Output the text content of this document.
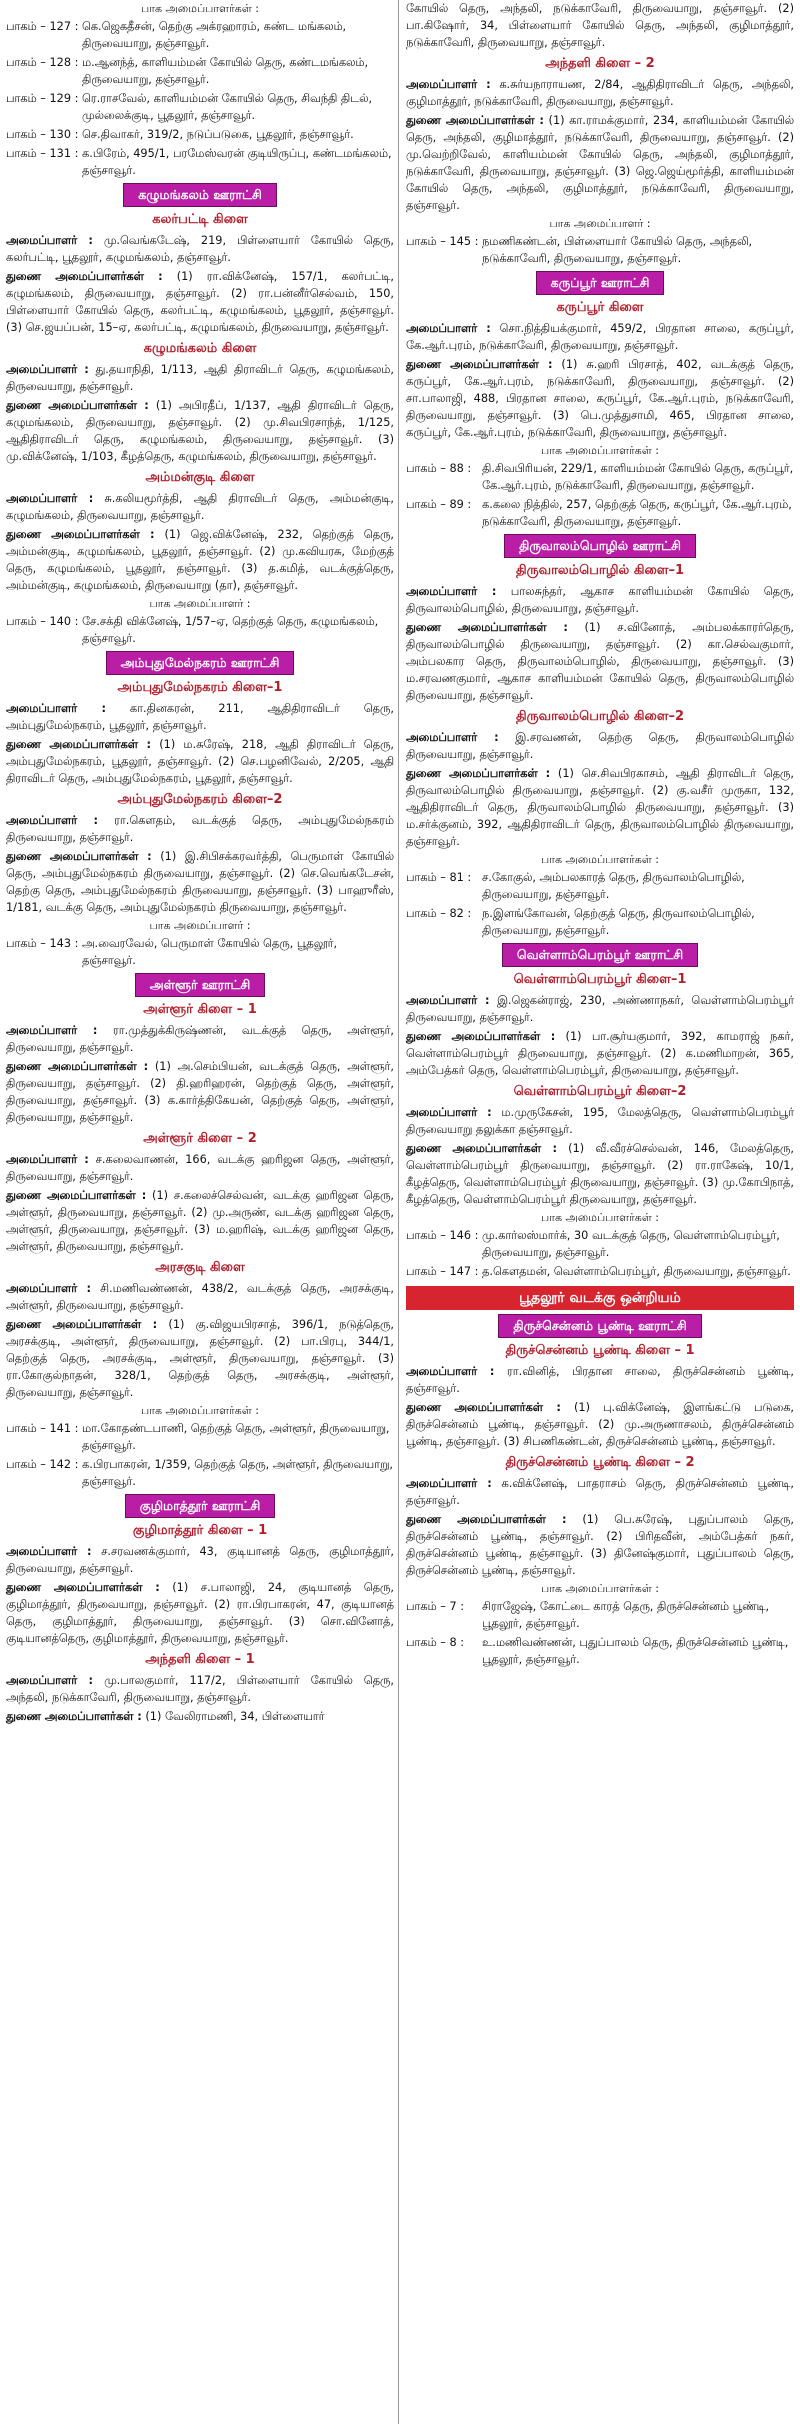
பாக அமைப்பாளர்கள் :
பாகம் – 127 : கெ.ஜெகதீசன், தெற்கு அக்ரஹாரம், கண்ட மங்கலம், திருவையாறு, தஞ்சாவூர்.
பாகம் – 128 : ம.ஆனந்த், காளியம்மன் கோயில் தெரு, கண்டமங்கலம், திருவையாறு, தஞ்சாவூர்.
பாகம் – 129 : ரெ.ராசவேல், காளியம்மன் கோயில் தெரு, சிவந்தி திடல், முல்லைக்குடி, பூதலூர், தஞ்சாவூர்.
பாகம் – 130 : செ.திவாகர், 319/2, நடுப்படுகை, பூதலூர், தஞ்சாவூர்.
பாகம் – 131 : க.பிரேம், 495/1, பரமேஸ்வரன் குடியிருப்பு, கண்டமங்கலம், தஞ்சாவூர்.
கழுமங்கலம் ஊராட்சி
கலர்பட்டி கிளை

அமைப்பாளர் : மு.வெங்கடேஷ், 219, பிள்ளையார் கோயில் தெரு, கலர்பட்டி, பூதலூர், கழுமங்கலம், தஞ்சாவூர்.

துணை அமைப்பாளர்கள் : (1) ரா.விக்னேஷ், 157/1, கலர்பட்டி, கழுமங்கலம், திருவையாறு, தஞ்சாவூர். (2) ரா.பன்னீர்செல்வம், 150, பிள்ளையார் கோயில் தெரு, கலர்பட்டி, கழுமங்கலம், பூதலூர், தஞ்சாவூர். (3) செ.ஜயப்பன், 15–ஏ, கலர்பட்டி, கழுமங்கலம், திருவையாறு, தஞ்சாவூர்.

கழுமங்கலம் கிளை

அமைப்பாளர் : து.தயாநிதி, 1/113, ஆதி திராவிடர் தெரு, கழுமங்கலம், திருவையாறு, தஞ்சாவூர்.

துணை அமைப்பாளர்கள் : (1) அபிரதீப், 1/137, ஆதி திராவிடர் தெரு, கழுமங்கலம், திருவையாறு, தஞ்சாவூர். (2) மு.சிவபிரசாந்த், 1/125, ஆதிதிராவிடர் தெரு, கழுமங்கலம், திருவையாறு, தஞ்சாவூர். (3) மு.விக்னேஷ், 1/103, கீழத்தெரு, கழுமங்கலம், திருவையாறு, தஞ்சாவூர்.

அம்மன்குடி கிளை

அமைப்பாளர் : சு.கலியமூர்த்தி, ஆதி திராவிடர் தெரு, அம்மன்குடி, கழுமங்கலம், திருவையாறு, தஞ்சாவூர்.

துணை அமைப்பாளர்கள் : (1) ஜெ.விக்னேஷ், 232, தெற்குத் தெரு, அம்மன்குடி, கழுமங்கலம், பூதலூர், தஞ்சாவூர். (2) மு.கவியரசு, மேற்குத் தெரு, கழுமங்கலம், பூதலூர், தஞ்சாவூர். (3) த.கமித், வடக்குத்தெரு, அம்மன்குடி, கழுமங்கலம், திருவையாறு (தா), தஞ்சாவூர்.

பாக அமைப்பாளர் :
பாகம் – 140 : சே.சக்தி விக்னேஷ், 1/57–ஏ, தெற்குத் தெரு, கழுமங்கலம், தஞ்சாவூர்.
அம்புதுமேல்நகரம் ஊராட்சி
அம்புதுமேல்நகரம் கிளை–1

அமைப்பாளர் : கா.தினகரன், 211, ஆதிதிராவிடர் தெரு, அம்புதுமேல்நகரம், பூதலூர், தஞ்சாவூர்.

துணை அமைப்பாளர்கள் : (1) ம.சுரேஷ், 218, ஆதி திராவிடர் தெரு, அம்புதுமேல்நகரம், பூதலூர், தஞ்சாவூர். (2) செ.பழனிவேல், 2/205, ஆதி திராவிடர் தெரு, அம்புதுமேல்நகரம், பூதலூர், தஞ்சாவூர்.

அம்புதுமேல்நகரம் கிளை–2

அமைப்பாளர் : ரா.கௌதம், வடக்குத் தெரு, அம்புதுமேல்நகரம் திருவையாறு, தஞ்சாவூர்.

துணை அமைப்பாளர்கள் : (1) இ.சிபிசக்கரவர்த்தி, பெருமாள் கோயில் தெரு, அம்புதுமேல்நகரம் திருவையாறு, தஞ்சாவூர். (2) செ.வெங்கடேசன், தெற்கு தெரு, அம்புதுமேல்நகரம் திருவையாறு, தஞ்சாவூர். (3) பாஹுரீஸ், 1/181, வடக்கு தெரு, அம்புதுமேல்நகரம் திருவையாறு, தஞ்சாவூர்.

பாக அமைப்பாளர் :
பாகம் – 143 : அ.வைரவேல், பெருமாள் கோயில் தெரு, பூதலூர், தஞ்சாவூர்.
அள்ளூர் ஊராட்சி
அள்ளூர் கிளை – 1

அமைப்பாளர் : ரா.முத்துக்கிருஷ்ணன், வடக்குத் தெரு, அள்ளூர், திருவையாறு, தஞ்சாவூர்.

துணை அமைப்பாளர்கள் : (1) அ.செம்பியன், வடக்குத் தெரு, அள்ளூர், திருவையாறு, தஞ்சாவூர். (2) தி.ஹரிஹரன், தெற்குத் தெரு, அள்ளூர், திருவையாறு, தஞ்சாவூர். (3) க.கார்த்திகேயன், தெற்குத் தெரு, அள்ளூர், திருவையாறு, தஞ்சாவூர்.

அள்ளூர் கிளை – 2

அமைப்பாளர் : ச.கலைவாணன், 166, வடக்கு ஹரிஜன தெரு, அள்ளூர், திருவையாறு, தஞ்சாவூர்.

துணை அமைப்பாளர்கள் : (1) ச.கலைச்செல்வன், வடக்கு ஹரிஜன தெரு, அள்ளூர், திருவையாறு, தஞ்சாவூர். (2) மு.அருண், வடக்கு ஹரிஜன தெரு, அள்ளூர், திருவையாறு, தஞ்சாவூர். (3) ம.ஹரிஷ், வடக்கு ஹரிஜன தெரு, அள்ளூர், திருவையாறு, தஞ்சாவூர்.

அரசகுடி கிளை

அமைப்பாளர் : சி.மணிவண்ணன், 438/2, வடக்குத் தெரு, அரசக்குடி, அள்ளூர், திருவையாறு, தஞ்சாவூர்.

துணை அமைப்பாளர்கள் : (1) கு.விஜயபிரசாத், 396/1, நடுத்தெரு, அரசக்குடி, அள்ளூர், திருவையாறு, தஞ்சாவூர். (2) பா.பிரபு, 344/1, தெற்குத் தெரு, அரசக்குடி, அள்ளூர், திருவையாறு, தஞ்சாவூர். (3) ரா.கோகுல்நாதன், 328/1, தெற்குத் தெரு, அரசக்குடி, அள்ளூர், திருவையாறு, தஞ்சாவூர்.

பாக அமைப்பாளர்கள் :
பாகம் – 141 : மா.கோதண்டபாணி, தெற்குத் தெரு, அள்ளூர், திருவையாறு, தஞ்சாவூர்.
பாகம் – 142 : க.பிரபாகரன், 1/359, தெற்குத் தெரு, அள்ளூர், திருவையாறு, தஞ்சாவூர்.
குழிமாத்தூர் ஊராட்சி
குழிமாத்தூர் கிளை – 1

அமைப்பாளர் : ச.சரவணக்குமார், 43, குடியானத் தெரு, குழிமாத்தூர், திருவையாறு, தஞ்சாவூர்.

துணை அமைப்பாளர்கள் : (1) ச.பாலாஜி, 24, குடியானத் தெரு, குழிமாத்தூர், திருவையாறு, தஞ்சாவூர். (2) ரா.பிரபாகரன், 47, குடியானத் தெரு, குழிமாத்தூர், திருவையாறு, தஞ்சாவூர். (3) சொ.வினோத், குடியானத்தெரு, குழிமாத்தூர், திருவையாறு, தஞ்சாவூர்.

அந்தளி கிளை – 1

அமைப்பாளர் : மு.பாலகுமார், 117/2, பிள்ளையார் கோயில் தெரு, அந்தலி, நடுக்காவேரி, திருவையாறு, தஞ்சாவூர்.

துணை அமைப்பாளர்கள் : (1) வேலிராமணி, 34, பிள்ளையார்

கோயில் தெரு, அந்தலி, நடுக்காவேரி, திருவையாறு, தஞ்சாவூர். (2) பா.கிஷோர், 34, பிள்ளையார் கோயில் தெரு, அந்தலி, குழிமாத்தூர், நடுக்காவேரி, திருவையாறு, தஞ்சாவூர்.

அந்தளி கிளை – 2

அமைப்பாளர் : க.சுர்யநாராயண, 2/84, ஆதிதிராவிடர் தெரு, அந்தலி, குழிமாத்தூர், நடுக்காவேரி, திருவையாறு, தஞ்சாவூர்.

துணை அமைப்பாளர்கள் : (1) கா.ராமக்குமார், 234, காளியம்மன் கோயில் தெரு, அந்தலி, குழிமாத்தூர், நடுக்காவேரி, திருவையாறு, தஞ்சாவூர். (2) மு.வெற்றிவேல், காளியம்மன் கோயில் தெரு, அந்தலி, குழிமாத்தூர், நடுக்காவேரி, திருவையாறு, தஞ்சாவூர். (3) ஜெ.ஜெய்மூர்த்தி, காளியம்மன் கோயில் தெரு, அந்தலி, குழிமாத்தூர், நடுக்காவேரி, திருவையாறு, தஞ்சாவூர்.

பாக அமைப்பாளர் :
பாகம் – 145 : நமணிகண்டன், பிள்ளையார் கோயில் தெரு, அந்தலி, நடுக்காவேரி, திருவையாறு, தஞ்சாவூர்.
கருப்பூர் ஊராட்சி
கருப்பூர் கிளை

அமைப்பாளர் : சொ.நித்தியக்குமார், 459/2, பிரதான சாலை, கருப்பூர், கே.ஆர்.புரம், நடுக்காவேரி, திருவையாறு, தஞ்சாவூர்.

துணை அமைப்பாளர்கள் : (1) சு.ஹரி பிரசாத், 402, வடக்குத் தெரு, கருப்பூர், கே.ஆர்.புரம், நடுக்காவேரி, திருவையாறு, தஞ்சாவூர். (2) சா.பாலாஜி, 488, பிரதான சாலை, கருப்பூர், கே.ஆர்.புரம், நடுக்காவேரி, திருவையாறு, தஞ்சாவூர். (3) பெ.முத்துசாமி, 465, பிரதான சாலை, கருப்பூர், கே.ஆர்.புரம், நடுக்காவேரி, திருவையாறு, தஞ்சாவூர்.

பாக அமைப்பாளர்கள் :
பாகம் – 88 : தி.சிவபிரியன், 229/1, காளியம்மன் கோயில் தெரு, கருப்பூர், கே.ஆர்.புரம், நடுக்காவேரி, திருவையாறு, தஞ்சாவூர்.
பாகம் – 89 : க.கலை நித்தில், 257, தெற்குத் தெரு, கருப்பூர், கே.ஆர்.புரம், நடுக்காவேரி, திருவையாறு, தஞ்சாவூர்.
திருவாலம்பொழில் ஊராட்சி
திருவாலம்பொழில் கிளை–1

அமைப்பாளர் : பாலசுந்தர், ஆகாச காளியம்மன் கோயில் தெரு, திருவாலம்பொழில், திருவையாறு, தஞ்சாவூர்.

துணை அமைப்பாளர்கள் : (1) ச.வினோத், அம்பலக்காரர்தெரு, திருவாலம்பொழில் திருவையாறு, தஞ்சாவூர். (2) கா.செல்வகுமார், அம்பலகார தெரு, திருவாலம்பொழில், திருவையாறு, தஞ்சாவூர். (3) ம.சரவணகுமார், ஆகாச காளியம்மன் கோயில் தெரு, திருவாலம்பொழில் திருவையாறு, தஞ்சாவூர்.

திருவாலம்பொழில் கிளை–2

அமைப்பாளர் : இ.சரவணன், தெற்கு தெரு, திருவாலம்பொழில் திருவையாறு, தஞ்சாவூர்.

துணை அமைப்பாளர்கள் : (1) செ.சிவபிரகாசம், ஆதி திராவிடர் தெரு, திருவாலம்பொழில் திருவையாறு, தஞ்சாவூர். (2) கு.வசீர் முருகா, 132, ஆதிதிராவிடர் தெரு, திருவாலம்பொழில் திருவையாறு, தஞ்சாவூர். (3) ம.சர்க்குனம், 392, ஆதிதிராவிடர் தெரு, திருவாலம்பொழில் திருவையாறு, தஞ்சாவூர்.

பாக அமைப்பாளர்கள் :
பாகம் – 81 : ச.கோகுல், அம்பலகாரத் தெரு, திருவாலம்பொழில், திருவையாறு, தஞ்சாவூர்.
பாகம் – 82 : ந.இளங்கோவன், தெற்குத் தெரு, திருவாலம்பொழில், திருவையாறு, தஞ்சாவூர்.
வெள்ளாம்பெரம்பூர் ஊராட்சி
வெள்ளாம்பெரம்பூர் கிளை–1

அமைப்பாளர் : இ.ஜெகன்ராஜ், 230, அண்ணாநகர், வெள்ளாம்பெரம்பூர் திருவையாறு, தஞ்சாவூர்.

துணை அமைப்பாளர்கள் : (1) பா.சூர்யகுமார், 392, காமராஜ் நகர், வெள்ளாம்பெரம்பூர் திருவையாறு, தஞ்சாவூர். (2) க.மணிமாறன், 365, அம்பேத்கர் தெரு, வெள்ளாம்பெரம்பூர், திருவையாறு, தஞ்சாவூர்.

வெள்ளாம்பெரம்பூர் கிளை–2

அமைப்பாளர் : ம.முருகேசன், 195, மேலத்தெரு, வெள்ளாம்பெரம்பூர் திருவையாறு தலுக்கா தஞ்சாவூர்.

துணை அமைப்பாளர்கள் : (1) வீ.வீரச்செல்வன், 146, மேலத்தெரு, வெள்ளாம்பெரம்பூர் திருவையாறு, தஞ்சாவூர். (2) ரா.ராகேஷ், 10/1, கீழத்தெரு, வெள்ளாம்பெரம்பூர் திருவையாறு, தஞ்சாவூர். (3) மு.கோபிநாத், கீழத்தெரு, வெள்ளாம்பெரம்பூர் திருவையாறு, தஞ்சாவூர்.

பாக அமைப்பாளர்கள் :
பாகம் – 146 : மு.கார்லஸ்மார்க், 30 வடக்குத் தெரு, வெள்ளாம்பெரம்பூர், திருவையாறு, தஞ்சாவூர்.
பாகம் – 147 : த.கௌதமன், வெள்ளாம்பெரம்பூர், திருவையாறு, தஞ்சாவூர்.
பூதலூர் வடக்கு ஒன்றியம்
திருச்சென்னம் பூண்டி ஊராட்சி
திருச்சென்னம் பூண்டி கிளை – 1

அமைப்பாளர் : ரா.வினித், பிரதான சாலை, திருச்சென்னம் பூண்டி, தஞ்சாவூர்.

துணை அமைப்பாளர்கள் : (1) பு.விக்னேஷ், இளங்கட்டு படுகை, திருச்சென்னம் பூண்டி, தஞ்சாவூர். (2) மு.அருணாசலம், திருச்சென்னம் பூண்டி, தஞ்சாவூர். (3) சிபணிகண்டன், திருச்சென்னம் பூண்டி, தஞ்சாவூர்.

திருச்சென்னம் பூண்டி கிளை – 2

அமைப்பாளர் : க.விக்னேஷ், பாதராசம் தெரு, திருச்சென்னம் பூண்டி, தஞ்சாவூர்.

துணை அமைப்பாளர்கள் : (1) பெ.சுரேஷ், புதுப்பாலம் தெரு, திருச்சென்னம் பூண்டி, தஞ்சாவூர். (2) பிரிதவீன், அம்பேத்கர் நகர், திருச்சென்னம் பூண்டி, தஞ்சாவூர். (3) தினேஷ்குமார், புதுப்பாலம் தெரு, திருச்சென்னம் பூண்டி, தஞ்சாவூர்.

பாக அமைப்பாளர்கள் :
பாகம் – 7 :	சிராஜேஷ், கோட்டை காரத் தெரு, திருச்சென்னம் பூண்டி, பூதலூர், தஞ்சாவூர்.
பாகம் – 8 :	உ.மணிவண்ணன், புதுப்பாலம் தெரு, திருச்சென்னம் பூண்டி, பூதலூர், தஞ்சாவூர்.
